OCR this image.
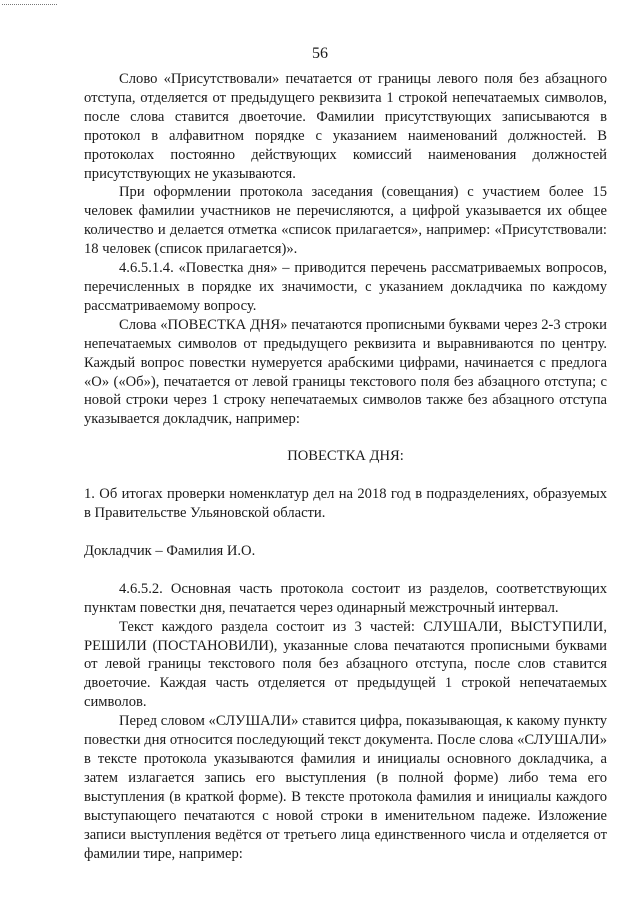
56

Слово «Присутствовали» печатается от границы левого поля без абзацного отступа, отделяется от предыдущего реквизита 1 строкой непечатаемых символов, после слова ставится двоеточие. Фамилии присутствующих записываются в протокол в алфавитном порядке с указанием наименований должностей. В протоколах постоянно действующих комиссий наименования должностей присутствующих не указываются.

При оформлении протокола заседания (совещания) с участием более 15 человек фамилии участников не перечисляются, а цифрой указывается их общее количество и делается отметка «список прилагается», например: «Присутствовали: 18 человек (список прилагается)».

4.6.5.1.4. «Повестка дня» – приводится перечень рассматриваемых вопросов, перечисленных в порядке их значимости, с указанием докладчика по каждому рассматриваемому вопросу.

Слова «ПОВЕСТКА ДНЯ» печатаются прописными буквами через 2-3 строки непечатаемых символов от предыдущего реквизита и выравниваются по центру. Каждый вопрос повестки нумеруется арабскими цифрами, начинается с предлога «О» («Об»), печатается от левой границы текстового поля без абзацного отступа; с новой строки через 1 строку непечатаемых символов также без абзацного отступа указывается докладчик, например:

ПОВЕСТКА ДНЯ:

1. Об итогах проверки номенклатур дел на 2018 год в подразделениях, образуемых в Правительстве Ульяновской области.

Докладчик – Фамилия И.О.

4.6.5.2. Основная часть протокола состоит из разделов, соответствующих пунктам повестки дня, печатается через одинарный межстрочный интервал.

Текст каждого раздела состоит из 3 частей: СЛУШАЛИ, ВЫСТУПИЛИ, РЕШИЛИ (ПОСТАНОВИЛИ), указанные слова печатаются прописными буквами от левой границы текстового поля без абзацного отступа, после слов ставится двоеточие. Каждая часть отделяется от предыдущей 1 строкой непечатаемых символов.

Перед словом «СЛУШАЛИ» ставится цифра, показывающая, к какому пункту повестки дня относится последующий текст документа. После слова «СЛУШАЛИ» в тексте протокола указываются фамилия и инициалы основного докладчика, а затем излагается запись его выступления (в полной форме) либо тема его выступления (в краткой форме). В тексте протокола фамилия и инициалы каждого выступающего печатаются с новой строки в именительном падеже. Изложение записи выступления ведётся от третьего лица единственного числа и отделяется от фамилии тире, например:
